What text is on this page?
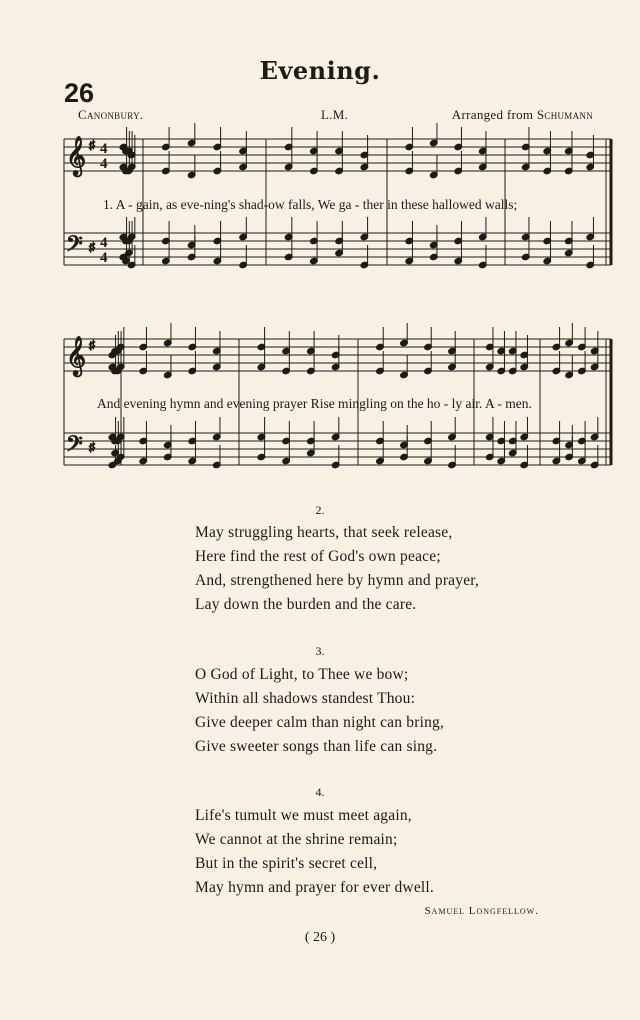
Evening.
26
Canonbury.	L.M.	Arranged from Schumann
𝄞
𝄢
♯
♯
𝄞
𝄢
♯
♯
4
4
4
4
1. A - gain, as eve-ning's shad-ow falls, We ga - ther in these hallowed walls;
And evening hymn and evening prayer Rise mingling on the ho - ly air. A - men.
2.
May struggling hearts, that seek release,
Here find the rest of God's own peace;
And, strengthened here by hymn and prayer,
Lay down the burden and the care.
3.
O God of Light, to Thee we bow;
Within all shadows standest Thou:
Give deeper calm than night can bring,
Give sweeter songs than life can sing.
4.
Life's tumult we must meet again,
We cannot at the shrine remain;
But in the spirit's secret cell,
May hymn and prayer for ever dwell.
Samuel Longfellow.
( 26 )
